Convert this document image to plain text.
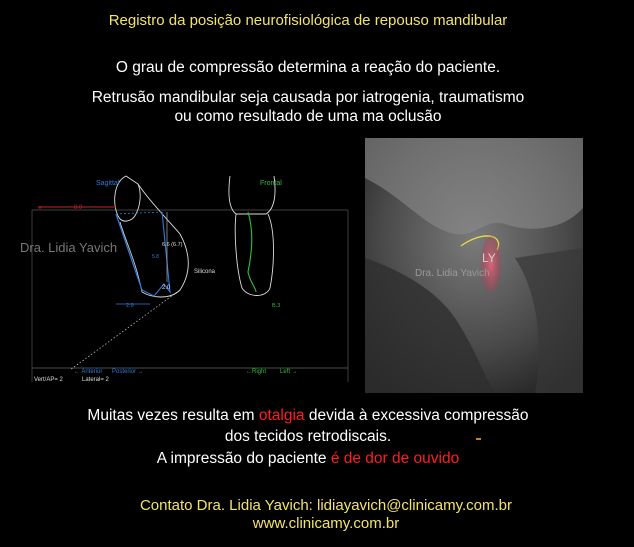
Registro da posição neurofisiológica de repouso mandibular
O grau de compressão determina a reação do paciente.
Retrusão mandibular seja causada por iatrogenia, traumatismo
ou como resultado de uma ma oclusão
×	8.0
6.6 (6.7)
5.8
2.0
2.9
Sagittal
Silicona
Dra. Lidia Yavich
Frontal
B.3
← Anterior Posterior →	←Right Left →
Vert/AP= 2	Lateral= 2
LY
Dra. Lidia Yavich
Muitas vezes resulta em otalgia devida à excessiva compressão
dos tecidos retrodiscais.
A impressão do paciente é de dor de ouvido
Contato Dra. Lidia Yavich: lidiayavich@clinicamy.com.br
www.clinicamy.com.br
